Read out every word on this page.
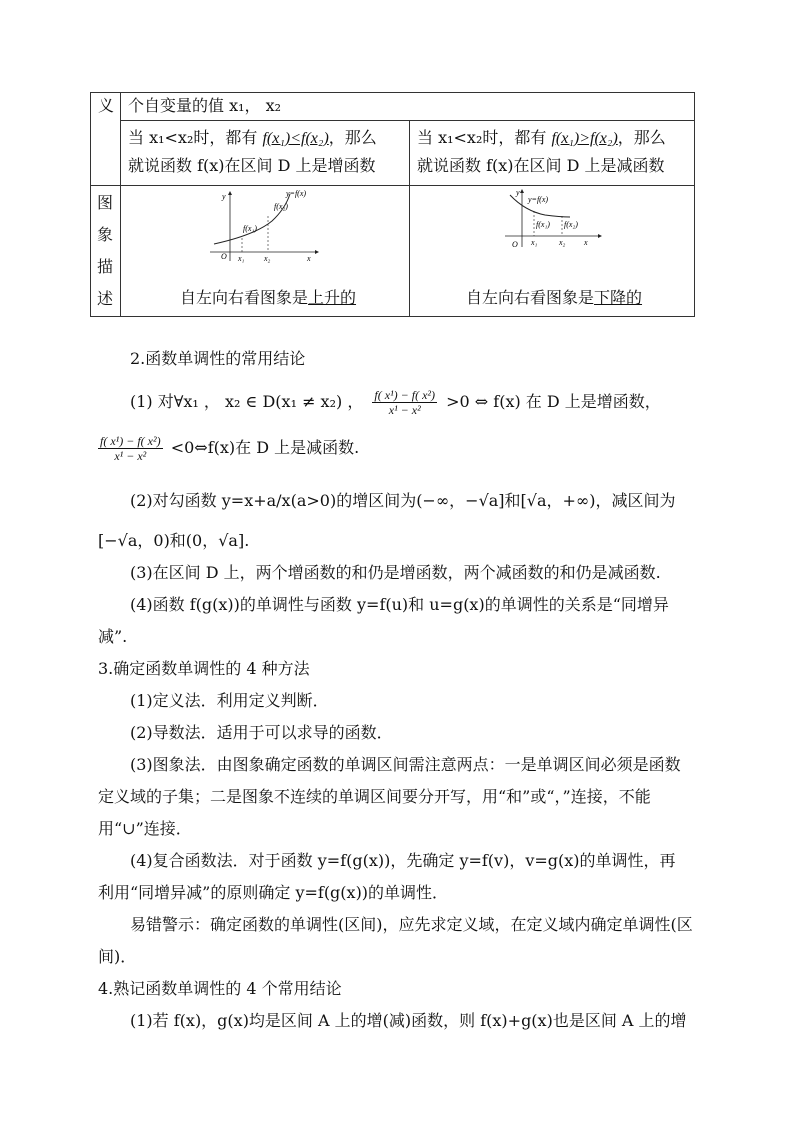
义 个自变量的值 x₁， x₂
当 x₁<x₂时，都有 f(x₁)<f(x₂)，那么
就说函数 f(x)在区间 D 上是增函数
当 x₁<x₂时，都有 f(x₁)>f(x₂)，那么
就说函数 f(x)在区间 D 上是减函数
图
象
描
述
y=f(x)
f(x₂)
f(x₁)
O x₁ x₂	x
y
自左向右看图象是上升的
y=f(x)
f(x₁) f(x₂)
O x₁	x₂ x
y
自左向右看图象是下降的
2.函数单调性的常用结论
(1) 对∀x₁ ， x₂ ∈ D(x₁ ≠ x₂) ， $\frac{\text{f( x¹) − f( x²)}}{\text{x¹ − x²}} >0$ ⇔ f(x) 在 D 上是增函数，
$\frac{\text{f( x¹) − f( x²)}}{\text{x¹ − x²}}$ <0⇔f(x)在 D 上是减函数.
(2)对勾函数 y=x+a/x(a>0)的增区间为(−∞，−√a]和[√a，+∞)，减区间为
[−√a，0)和(0，√a].
(3)在区间 D 上，两个增函数的和仍是增函数，两个减函数的和仍是减函数.
(4)函数 f(g(x))的单调性与函数 y=f(u)和 u=g(x)的单调性的关系是“同增异
减”.
3.确定函数单调性的 4 种方法
(1)定义法．利用定义判断．
(2)导数法．适用于可以求导的函数．
(3)图象法．由图象确定函数的单调区间需注意两点：一是单调区间必须是函数
定义域的子集；二是图象不连续的单调区间要分开写，用“和”或“，”连接，不能
用“∪”连接．
(4)复合函数法．对于函数 y=f(g(x))，先确定 y=f(v)，v=g(x)的单调性，再
利用“同增异减”的原则确定 y=f(g(x))的单调性．
易错警示：确定函数的单调性(区间)，应先求定义域，在定义域内确定单调性(区
间)．
4.熟记函数单调性的 4 个常用结论
(1)若 f(x)，g(x)均是区间 A 上的增(减)函数，则 f(x)+g(x)也是区间 A 上的增
